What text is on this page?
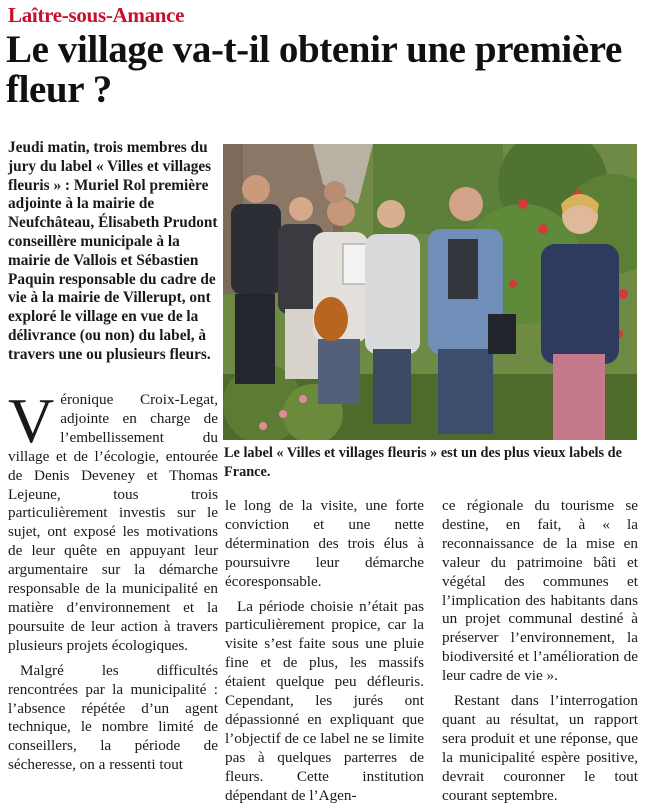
Laître-sous-Amance
Le village va-t-il obtenir une première fleur ?
Jeudi matin, trois membres du jury du label « Villes et villages fleuris » : Muriel Rol première adjointe à la mairie de Neufchâteau, Élisabeth Prudont conseillère municipale à la mairie de Vallois et Sébastien Paquin responsable du cadre de vie à la mairie de Villerupt, ont exploré le village en vue de la délivrance (ou non) du label, à travers une ou plusieurs fleurs.
Le label « Villes et villages fleuris » est un des plus vieux labels de France.

Véronique Croix-Legat, adjointe en charge de l’embellissement du village et de l’écologie, entourée de Denis Deveney et Thomas Lejeune, tous trois particulièrement investis sur le sujet, ont exposé les motivations de leur quête en appuyant leur argumentaire sur la démarche responsable de la municipalité en matière d’environnement et la poursuite de leur action à travers plusieurs projets écologiques.

Malgré les difficultés rencontrées par la municipalité : l’absence répétée d’un agent technique, le nombre limité de conseillers, la période de sécheresse, on a ressenti tout

le long de la visite, une forte conviction et une nette détermination des trois élus à poursuivre leur démarche écoresponsable.

La période choisie n’était pas particulièrement propice, car la visite s’est faite sous une pluie fine et de plus, les massifs étaient quelque peu défleuris. Cependant, les jurés ont dépassionné en expliquant que l’objectif de ce label ne se limite pas à quelques parterres de fleurs. Cette institution dépendant de l’Agen-

ce régionale du tourisme se destine, en fait, à « la reconnaissance de la mise en valeur du patrimoine bâti et végétal des communes et l’implication des habitants dans un projet communal destiné à préserver l’environnement, la biodiversité et l’amélioration de leur cadre de vie ».

Restant dans l’interrogation quant au résultat, un rapport sera produit et une réponse, que la municipalité espère positive, devrait couronner le tout courant septembre.
